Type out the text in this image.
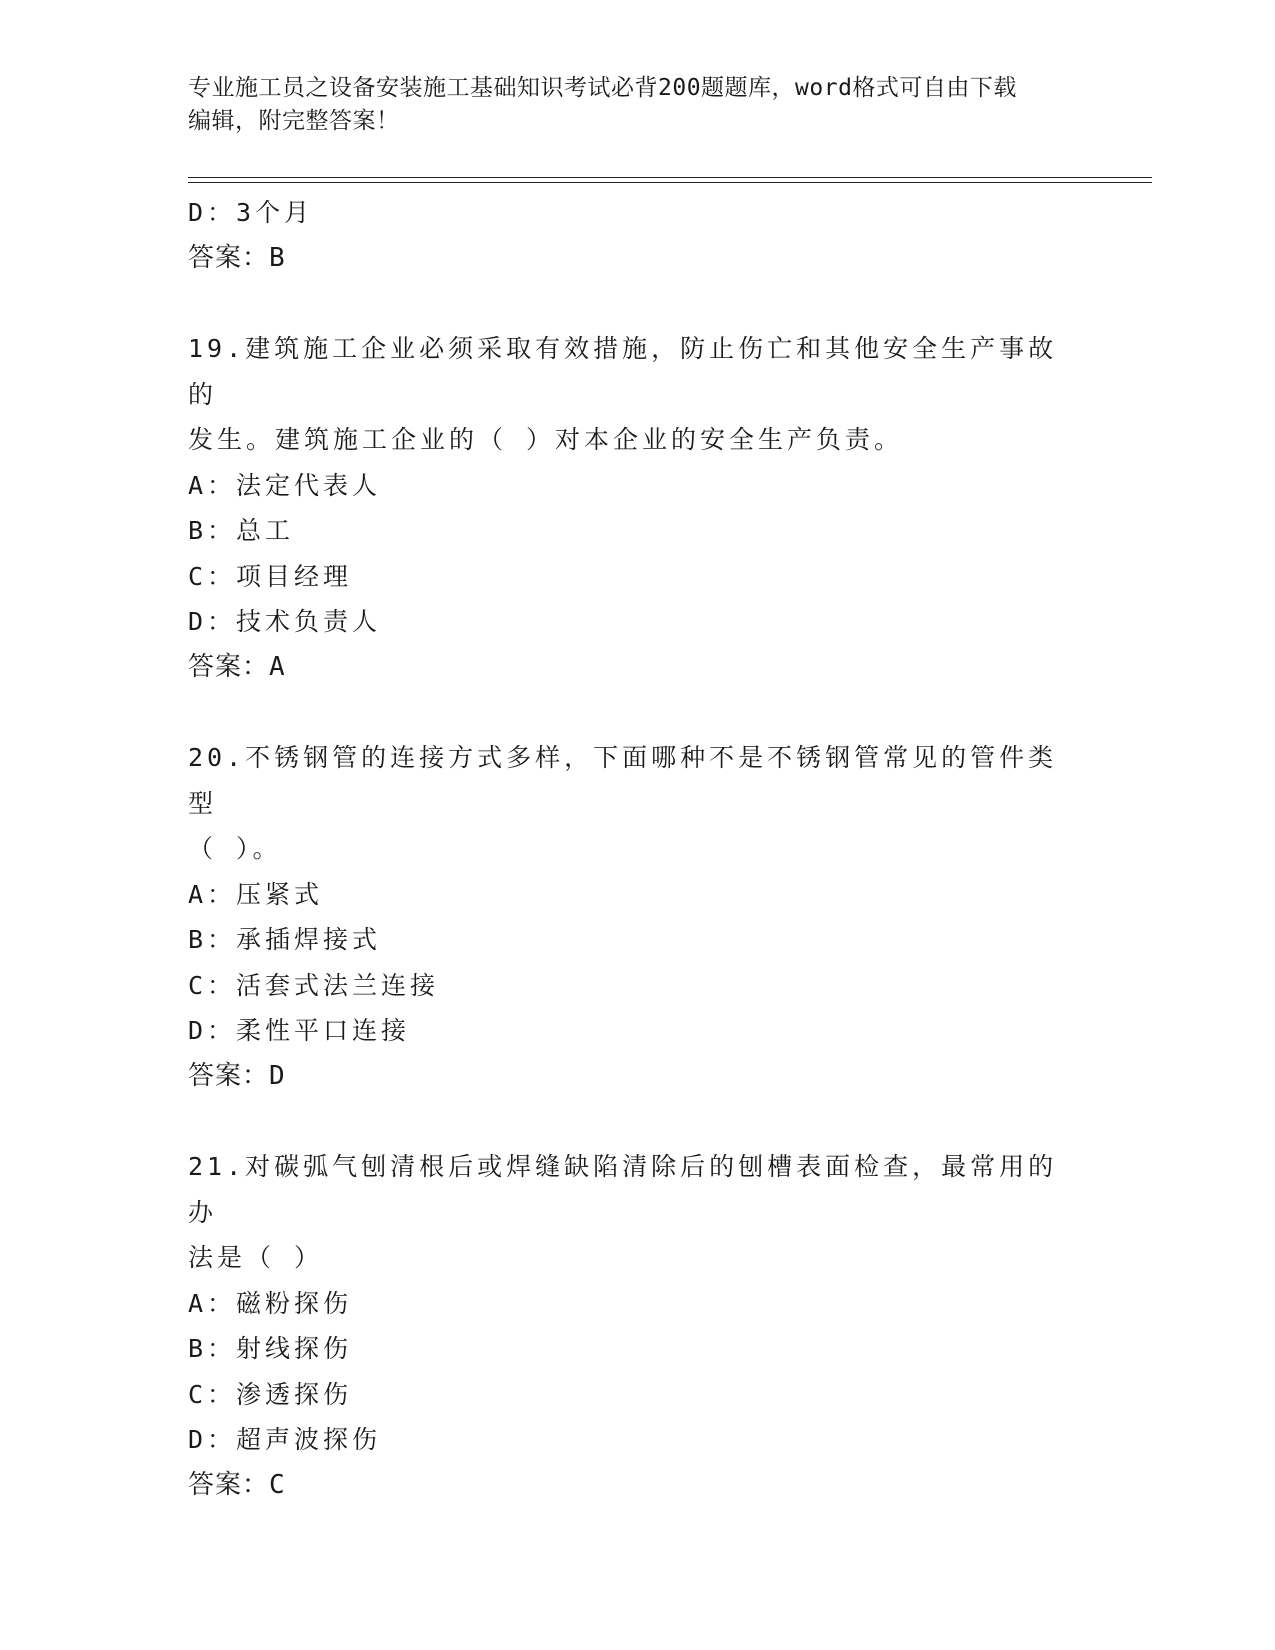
专业施工员之设备安装施工基础知识考试必背200题题库，word格式可自由下载
编辑，附完整答案！
D：3个月
答案：B
19.建筑施工企业必须采取有效措施，防止伤亡和其他安全生产事故的
发生。建筑施工企业的（ ）对本企业的安全生产负责。
A：法定代表人
B：总工
C：项目经理
D：技术负责人
答案：A
20.不锈钢管的连接方式多样，下面哪种不是不锈钢管常见的管件类型
（ ）。
A：压紧式
B：承插焊接式
C：活套式法兰连接
D：柔性平口连接
答案：D
21.对碳弧气刨清根后或焊缝缺陷清除后的刨槽表面检查，最常用的办
法是（ ）
A：磁粉探伤
B：射线探伤
C：渗透探伤
D：超声波探伤
答案：C
